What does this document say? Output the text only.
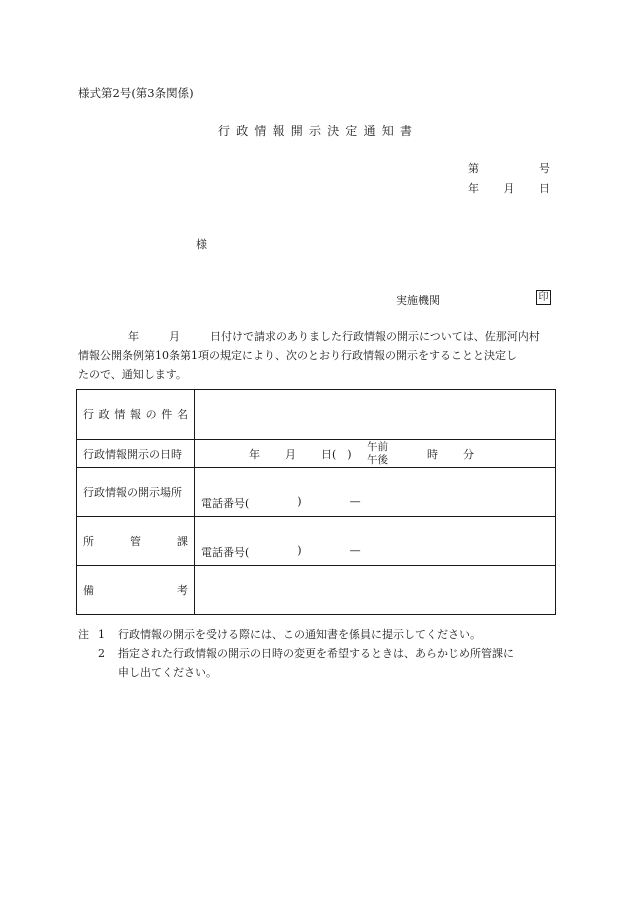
様式第2号(第3条関係)
行政情報開示決定通知書
第	号
年 月 日
様
実施機関	印
年	月	日付けで請求のありました行政情報の開示については、佐那河内村
情報公開条例第10条第1項の規定により、次のとおり行政情報の開示をすることと決定し
たので、通知します。
行 政 情 報 の 件 名
行政情報開示の日時	年 月 日(　)
午前
午後	時 分
行政情報の開示場所
電話番号(	)	—
所	管	課
電話番号(	)	—
備	考
注 1 行政情報の開示を受ける際には、この通知書を係員に提示してください。
2 指定された行政情報の開示の日時の変更を希望するときは、あらかじめ所管課に
申し出てください。
